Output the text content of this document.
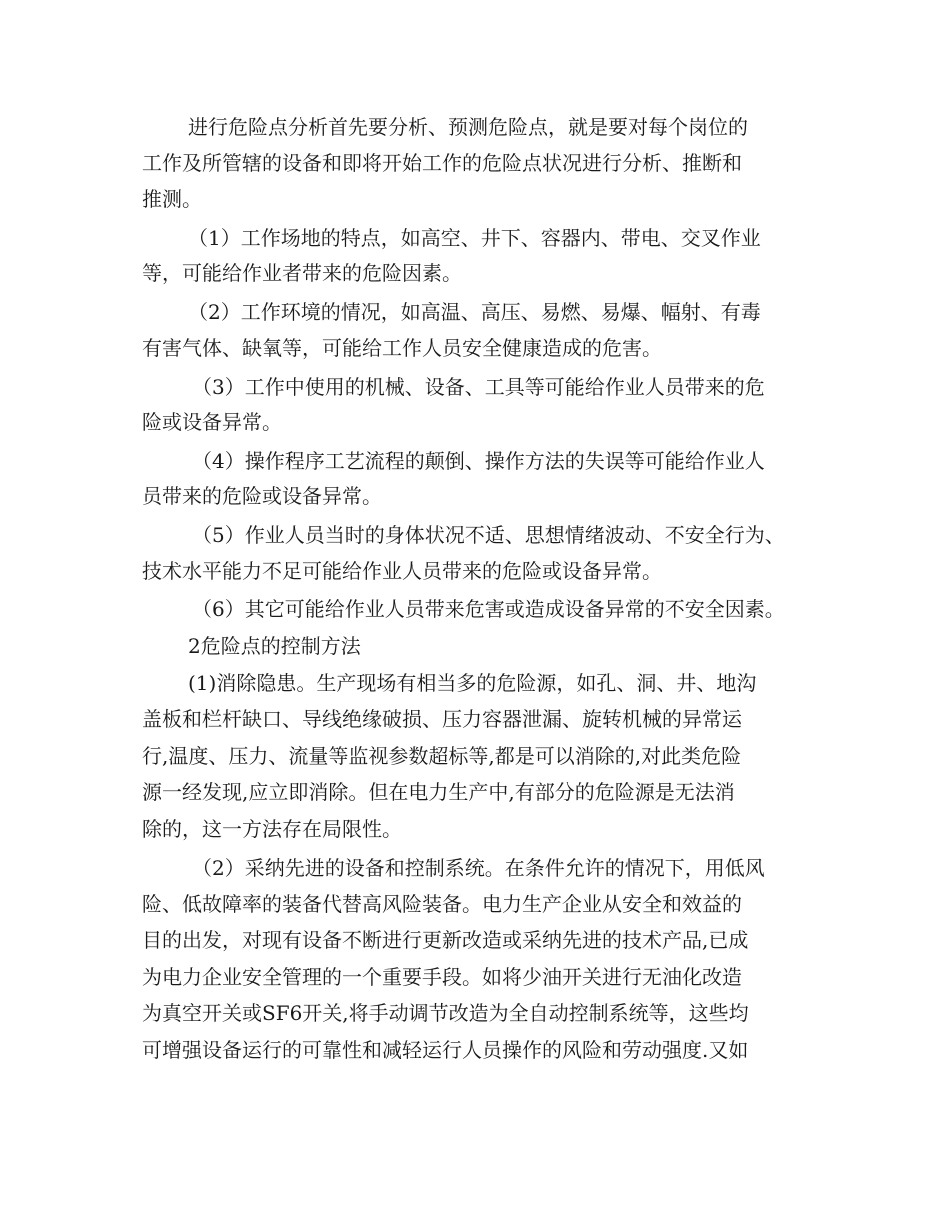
进行危险点分析首先要分析、预测危险点，就是要对每个岗位的

工作及所管辖的设备和即将开始工作的危险点状况进行分析、推断和

推测。

（1）工作场地的特点，如高空、井下、容器内、带电、交叉作业

等，可能给作业者带来的危险因素。

（2）工作环境的情况，如高温、高压、易燃、易爆、幅射、有毒

有害气体、缺氧等，可能给工作人员安全健康造成的危害。

（3）工作中使用的机械、设备、工具等可能给作业人员带来的危

险或设备异常。

（4）操作程序工艺流程的颠倒、操作方法的失误等可能给作业人

员带来的危险或设备异常。

（5）作业人员当时的身体状况不适、思想情绪波动、不安全行为、

技术水平能力不足可能给作业人员带来的危险或设备异常。

（6）其它可能给作业人员带来危害或造成设备异常的不安全因素。

2危险点的控制方法

(1)消除隐患。生产现场有相当多的危险源，如孔、洞、井、地沟

盖板和栏杆缺口、导线绝缘破损、压力容器泄漏、旋转机械的异常运

行,温度、压力、流量等监视参数超标等,都是可以消除的,对此类危险

源一经发现,应立即消除。但在电力生产中,有部分的危险源是无法消

除的，这一方法存在局限性。

（2）采纳先进的设备和控制系统。在条件允许的情况下，用低风

险、低故障率的装备代替高风险装备。电力生产企业从安全和效益的

目的出发，对现有设备不断进行更新改造或采纳先进的技术产品,已成

为电力企业安全管理的一个重要手段。如将少油开关进行无油化改造

为真空开关或SF6开关,将手动调节改造为全自动控制系统等，这些均

可增强设备运行的可靠性和减轻运行人员操作的风险和劳动强度.又如
